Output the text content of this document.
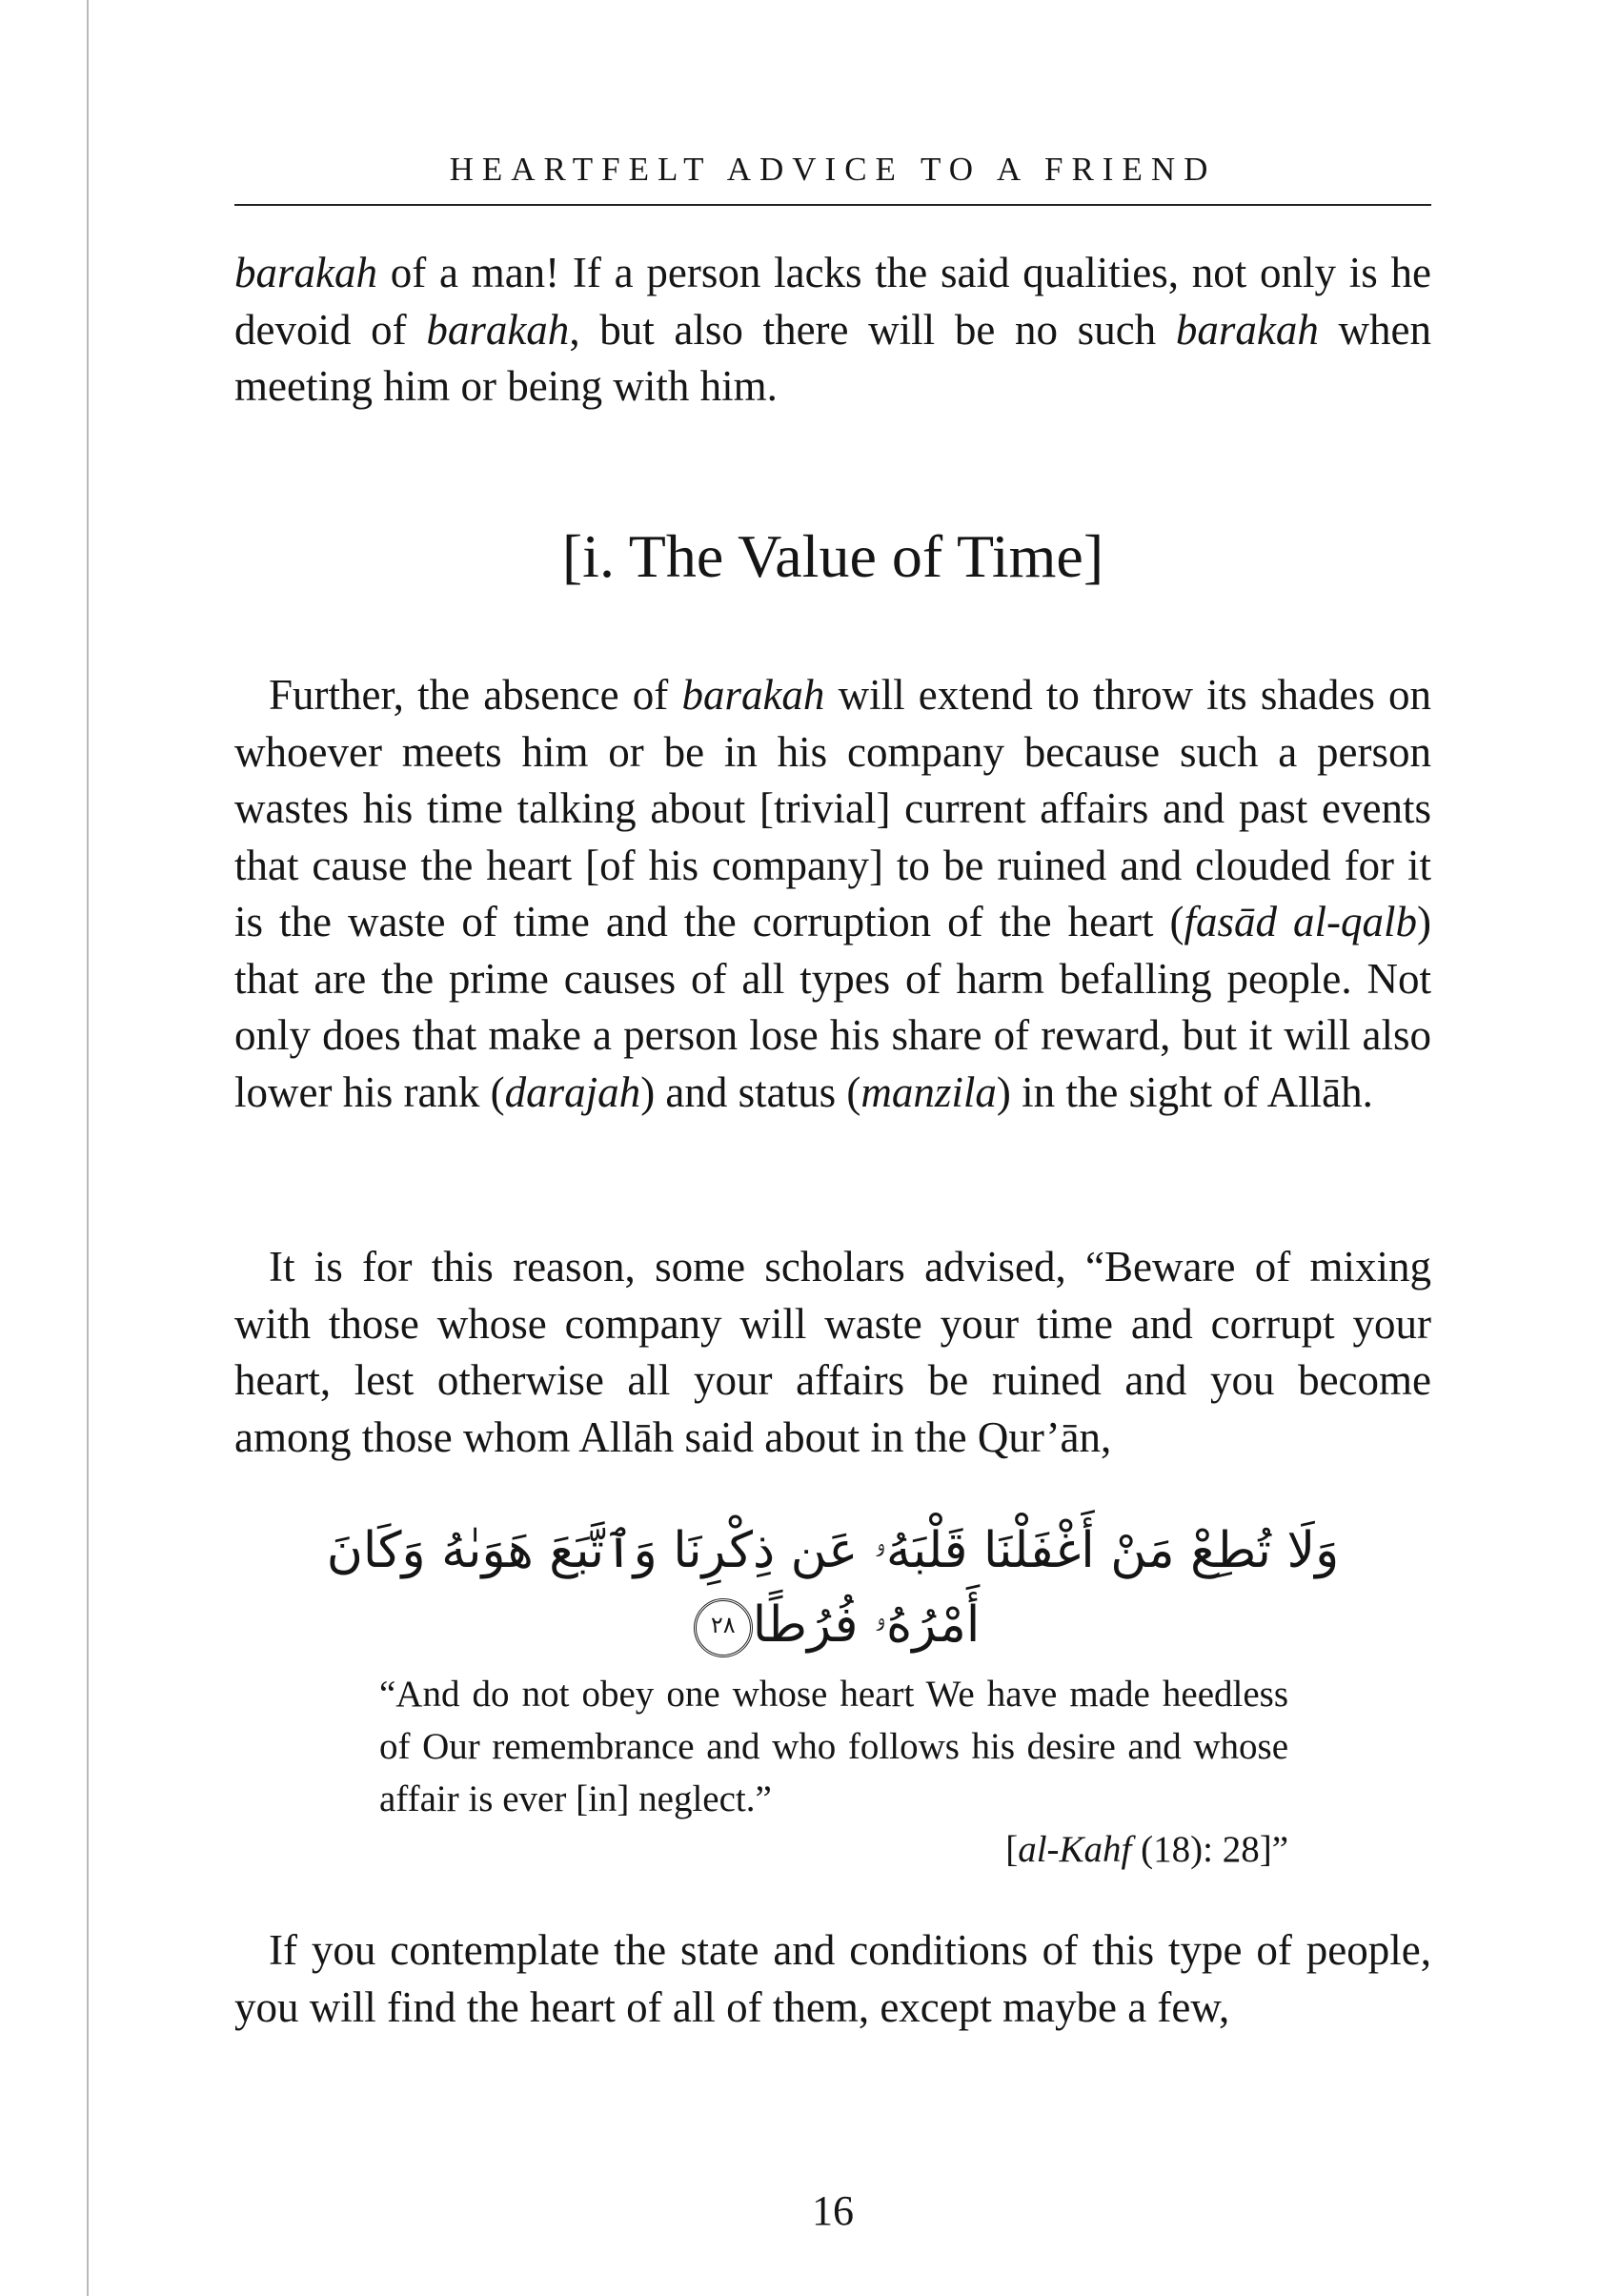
HEARTFELT ADVICE TO A FRIEND

barakah of a man! If a person lacks the said qualities, not only is he devoid of barakah, but also there will be no such barakah when meeting him or being with him.

[i. The Value of Time]

Further, the absence of barakah will extend to throw its shades on whoever meets him or be in his company because such a person wastes his time talking about [trivial] current affairs and past events that cause the heart [of his company] to be ruined and clouded for it is the waste of time and the corruption of the heart (fasād al-qalb) that are the prime causes of all types of harm befalling people. Not only does that make a person lose his share of reward, but it will also lower his rank (darajah) and status (manzila) in the sight of Allāh.

It is for this reason, some scholars advised, “Beware of mixing with those whose company will waste your time and corrupt your heart, lest otherwise all your affairs be ruined and you become among those whom Allāh said about in the Qur’ān,

وَلَا تُطِعْ مَنْ أَغْفَلْنَا قَلْبَهُۥ عَن ذِكْرِنَا وَٱتَّبَعَ هَوَىٰهُ وَكَانَ
أَمْرُهُۥ فُرُطًا٢٨

“And do not obey one whose heart We have made heedless of Our remembrance and who follows his desire and whose affair is ever [in] neglect.”

[al-Kahf (18): 28]”

If you contemplate the state and conditions of this type of people, you will find the heart of all of them, except maybe a few,

16
